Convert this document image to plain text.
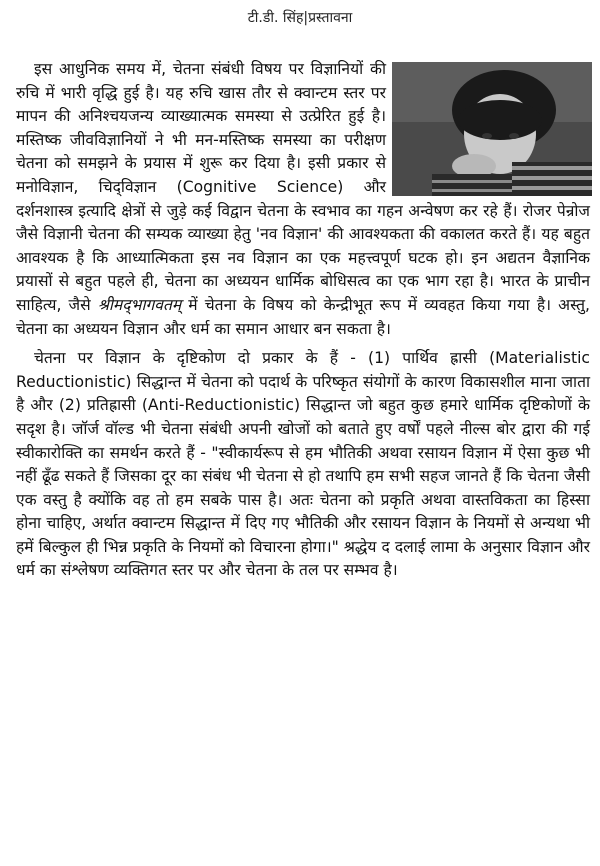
टी.डी. सिंह|प्रस्तावना

इस आधुनिक समय में, चेतना संबंधी विषय पर विज्ञानियों की रुचि में भारी वृद्धि हुई है। यह रुचि खास तौर से क्वान्टम स्तर पर मापन की अनिश्चयजन्य व्याख्यात्मक समस्या से उत्प्रेरित हुई है। मस्तिष्क जीवविज्ञानियों ने भी मन-मस्तिष्क समस्या का परीक्षण चेतना को समझने के प्रयास में शुरू कर दिया है। इसी प्रकार से मनोविज्ञान, चिद्‌विज्ञान (Cognitive Science) और दर्शनशास्त्र इत्यादि क्षेत्रों से जुड़े कई विद्वान चेतना के स्वभाव का गहन अन्वेषण कर रहे हैं। रोजर पेन्रोज जैसे विज्ञानी चेतना की सम्यक व्याख्या हेतु 'नव विज्ञान' की आवश्यकता की वकालत करते हैं। यह बहुत आवश्यक है कि आध्यात्मिकता इस नव विज्ञान का एक महत्त्वपूर्ण घटक हो। इन अद्यतन वैज्ञानिक प्रयासों से बहुत पहले ही, चेतना का अध्ययन धार्मिक बोधिसत्व का एक भाग रहा है। भारत के प्राचीन साहित्य, जैसे श्रीमद्‌भागवतम् में चेतना के विषय को केन्द्रीभूत रूप में व्यवहत किया गया है। अस्तु, चेतना का अध्ययन विज्ञान और धर्म का समान आधार बन सकता है।

चेतना पर विज्ञान के दृष्टिकोण दो प्रकार के हैं - (1) पार्थिव ह्रासी (Materialistic Reductionistic) सिद्धान्त में चेतना को पदार्थ के परिष्कृत संयोगों के कारण विकासशील माना जाता है और (2) प्रतिह्रासी (Anti-Reductionistic) सिद्धान्त जो बहुत कुछ हमारे धार्मिक दृष्टिकोणों के सदृश है। जॉर्ज वॉल्ड भी चेतना संबंधी अपनी खोजों को बताते हुए वर्षों पहले नील्स बोर द्वारा की गई स्वीकारोक्ति का समर्थन करते हैं - "स्वीकार्यरूप से हम भौतिकी अथवा रसायन विज्ञान में ऐसा कुछ भी नहीं ढूँढ सकते हैं जिसका दूर का संबंध भी चेतना से हो तथापि हम सभी सहज जानते हैं कि चेतना जैसी एक वस्तु है क्योंकि वह तो हम सबके पास है। अतः चेतना को प्रकृति अथवा वास्तविकता का हिस्सा होना चाहिए, अर्थात क्वान्टम सिद्धान्त में दिए गए भौतिकी और रसायन विज्ञान के नियमों से अन्यथा भी हमें बिल्कुल ही भिन्न प्रकृति के नियमों को विचारना होगा।" श्रद्धेय द दलाई लामा के अनुसार विज्ञान और धर्म का संश्लेषण व्यक्तिगत स्तर पर और चेतना के तल पर सम्भव है।
